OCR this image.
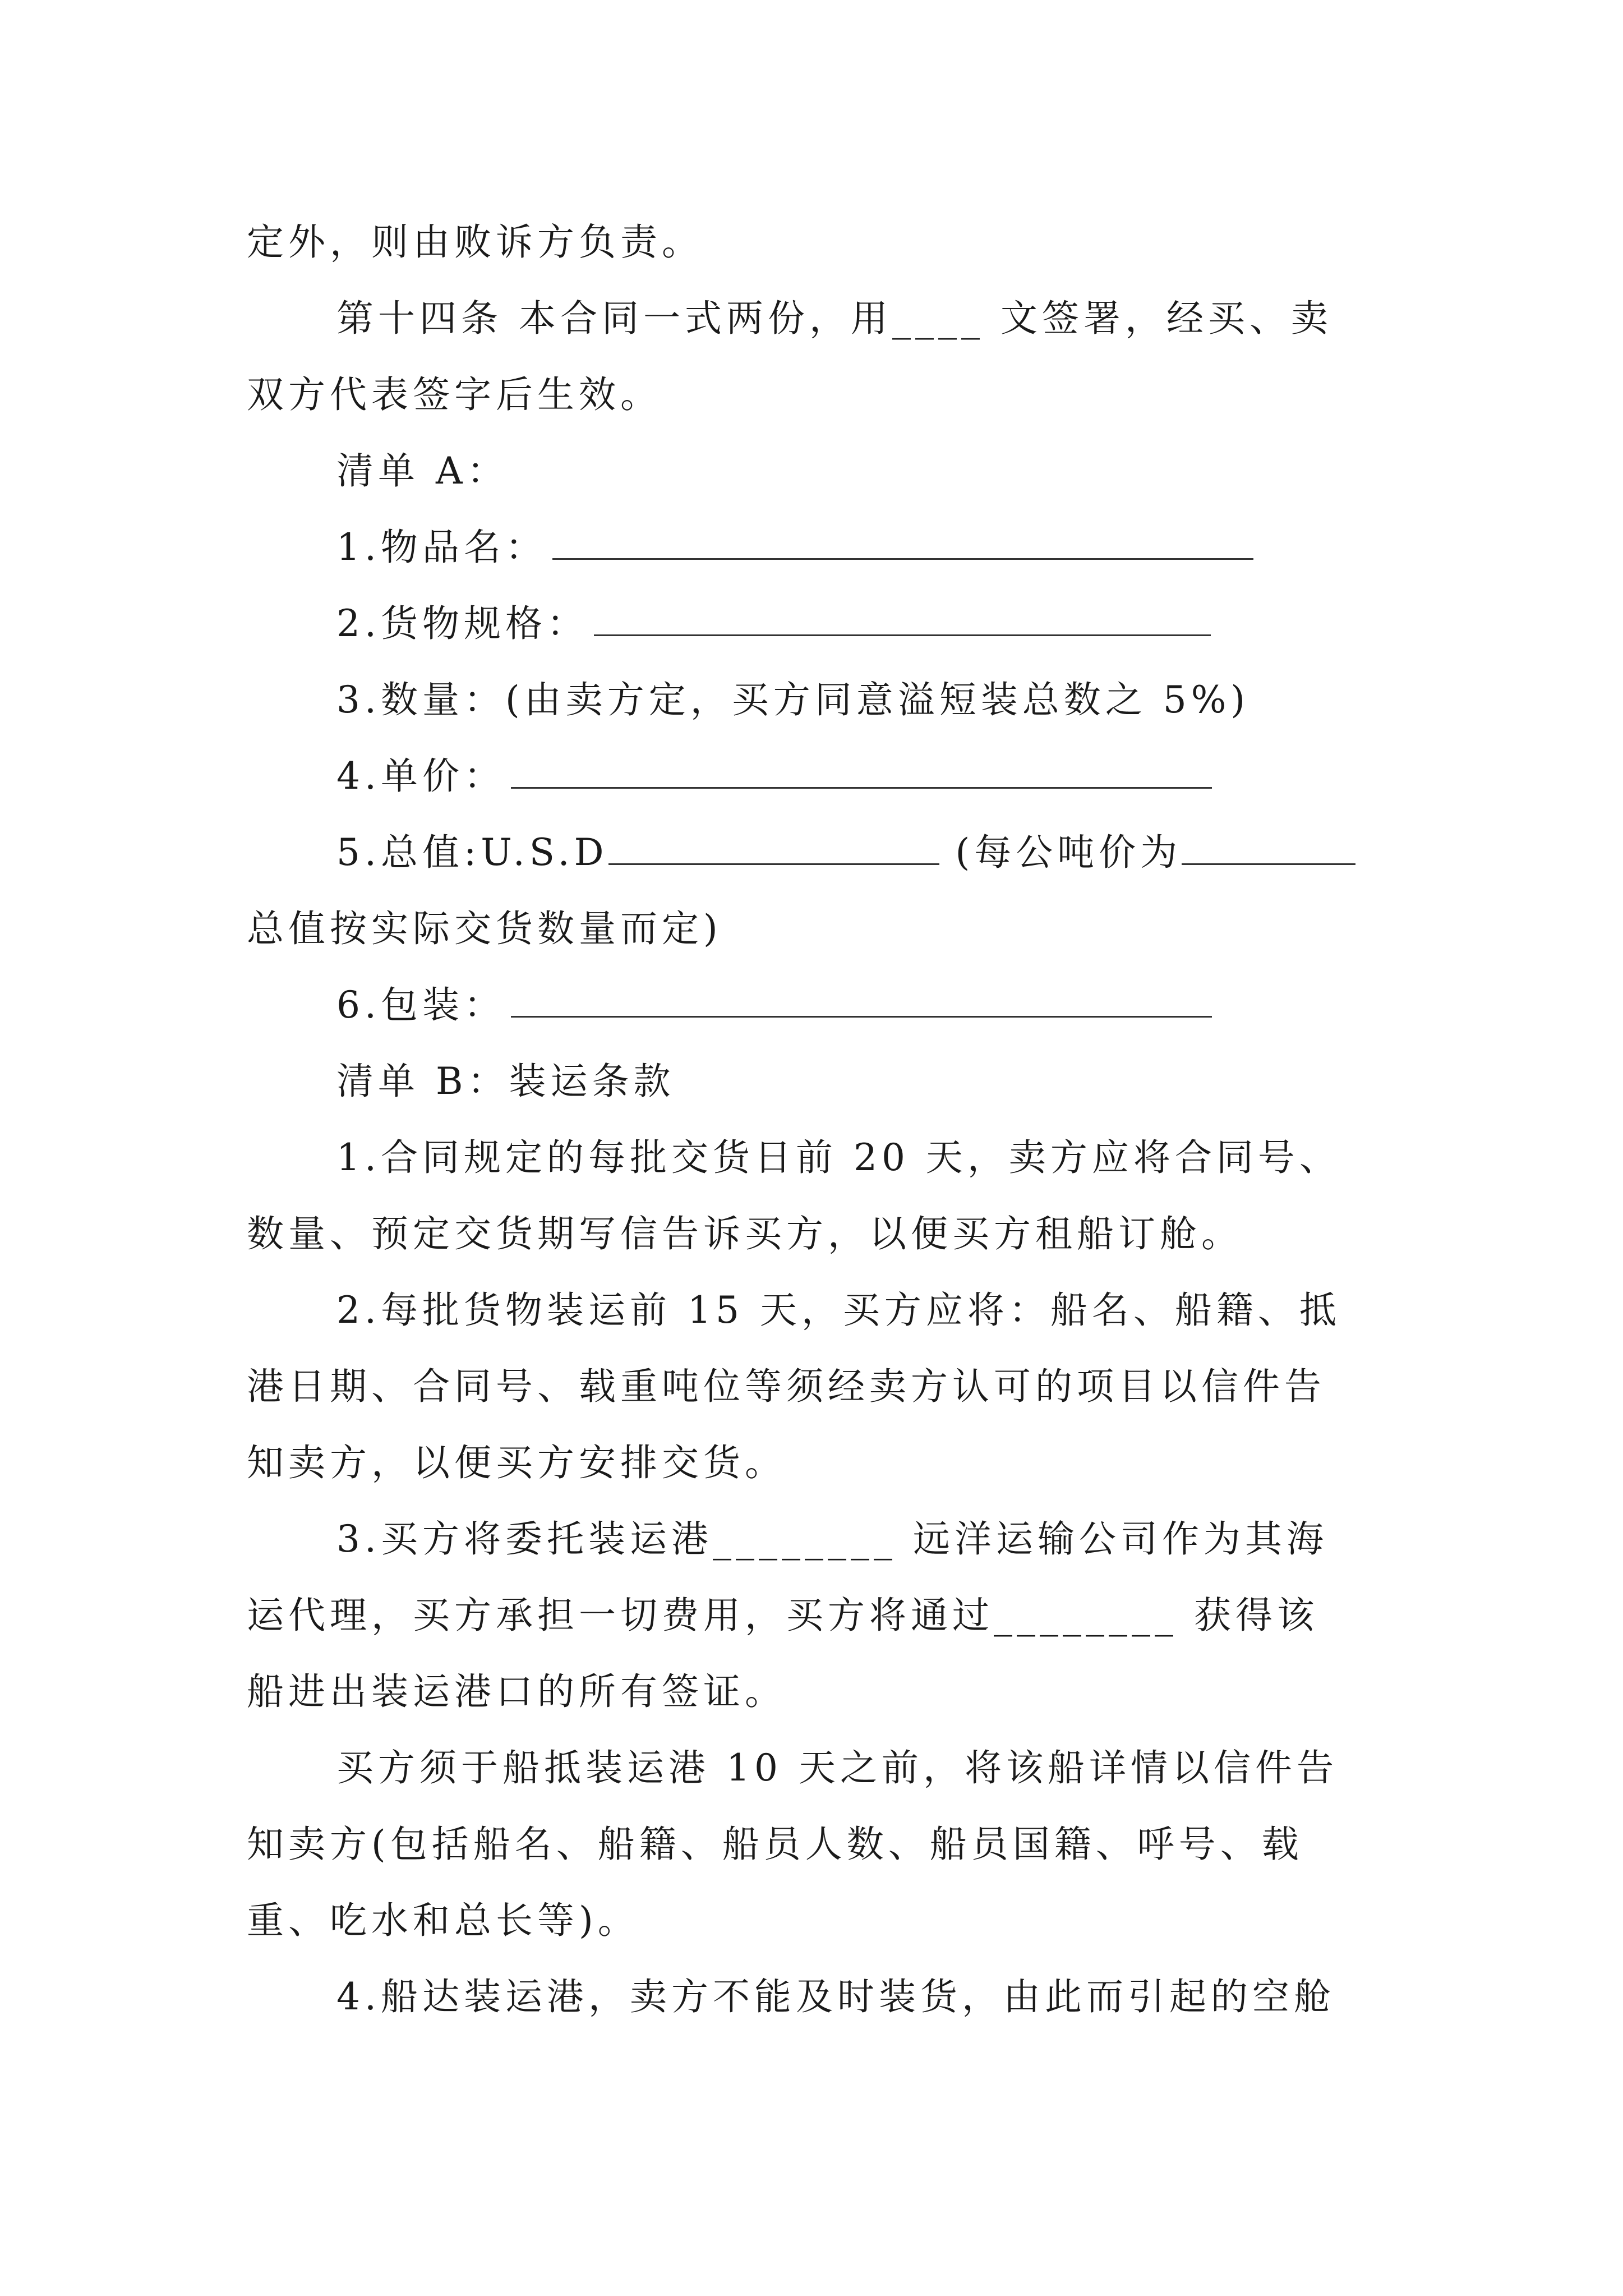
定外，则由败诉方负责。
第十四条 本合同一式两份，用____ 文签署，经买、卖
双方代表签字后生效。
清单 A：
1.物品名：
2.货物规格：
3.数量：(由卖方定，买方同意溢短装总数之 5%)
4.单价：
5.总值:U.S.D	(每公吨价为
总值按实际交货数量而定)
6.包装：
清单 B：装运条款
1.合同规定的每批交货日前 20 天，卖方应将合同号、
数量、预定交货期写信告诉买方，以便买方租船订舱。
2.每批货物装运前 15 天，买方应将：船名、船籍、抵
港日期、合同号、载重吨位等须经卖方认可的项目以信件告
知卖方，以便买方安排交货。
3.买方将委托装运港________ 远洋运输公司作为其海
运代理，买方承担一切费用，买方将通过________ 获得该
船进出装运港口的所有签证。
买方须于船抵装运港 10 天之前，将该船详情以信件告
知卖方(包括船名、船籍、船员人数、船员国籍、呼号、载
重、吃水和总长等)。
4.船达装运港，卖方不能及时装货，由此而引起的空舱
